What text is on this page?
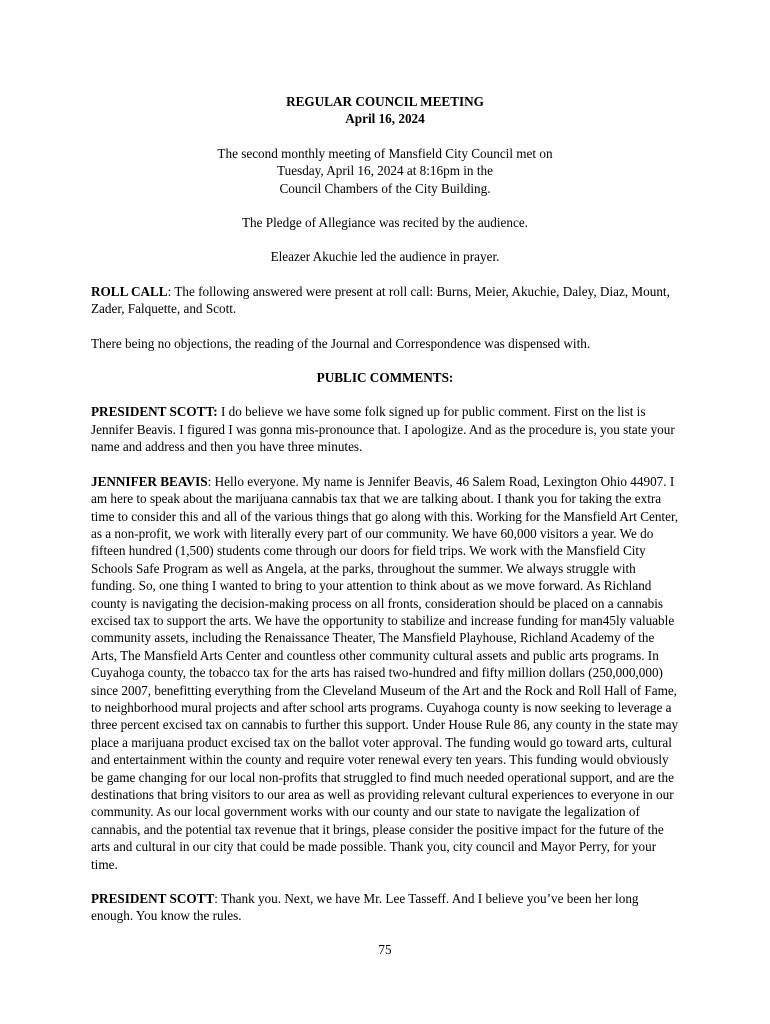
REGULAR COUNCIL MEETING
April 16, 2024
The second monthly meeting of Mansfield City Council met on
Tuesday, April 16, 2024 at 8:16pm in the
Council Chambers of the City Building.

The Pledge of Allegiance was recited by the audience.

Eleazer Akuchie led the audience in prayer.

ROLL CALL: The following answered were present at roll call: Burns, Meier, Akuchie, Daley, Diaz, Mount, Zader, Falquette, and Scott.

There being no objections, the reading of the Journal and Correspondence was dispensed with.

PUBLIC COMMENTS:

PRESIDENT SCOTT: I do believe we have some folk signed up for public comment. First on the list is Jennifer Beavis. I figured I was gonna mis-pronounce that. I apologize. And as the procedure is, you state your name and address and then you have three minutes.

JENNIFER BEAVIS: Hello everyone. My name is Jennifer Beavis, 46 Salem Road, Lexington Ohio 44907. I am here to speak about the marijuana cannabis tax that we are talking about. I thank you for taking the extra time to consider this and all of the various things that go along with this. Working for the Mansfield Art Center, as a non-profit, we work with literally every part of our community. We have 60,000 visitors a year. We do fifteen hundred (1,500) students come through our doors for field trips. We work with the Mansfield City Schools Safe Program as well as Angela, at the parks, throughout the summer. We always struggle with funding. So, one thing I wanted to bring to your attention to think about as we move forward. As Richland county is navigating the decision-making process on all fronts, consideration should be placed on a cannabis excised tax to support the arts. We have the opportunity to stabilize and increase funding for man45ly valuable community assets, including the Renaissance Theater, The Mansfield Playhouse, Richland Academy of the Arts, The Mansfield Arts Center and countless other community cultural assets and public arts programs. In Cuyahoga county, the tobacco tax for the arts has raised two-hundred and fifty million dollars (250,000,000) since 2007, benefitting everything from the Cleveland Museum of the Art and the Rock and Roll Hall of Fame, to neighborhood mural projects and after school arts programs. Cuyahoga county is now seeking to leverage a three percent excised tax on cannabis to further this support. Under House Rule 86, any county in the state may place a marijuana product excised tax on the ballot voter approval. The funding would go toward arts, cultural and entertainment within the county and require voter renewal every ten years. This funding would obviously be game changing for our local non-profits that struggled to find much needed operational support, and are the destinations that bring visitors to our area as well as providing relevant cultural experiences to everyone in our community. As our local government works with our county and our state to navigate the legalization of cannabis, and the potential tax revenue that it brings, please consider the positive impact for the future of the arts and cultural in our city that could be made possible. Thank you, city council and Mayor Perry, for your time.

PRESIDENT SCOTT: Thank you. Next, we have Mr. Lee Tasseff. And I believe you’ve been her long enough. You know the rules.

75
